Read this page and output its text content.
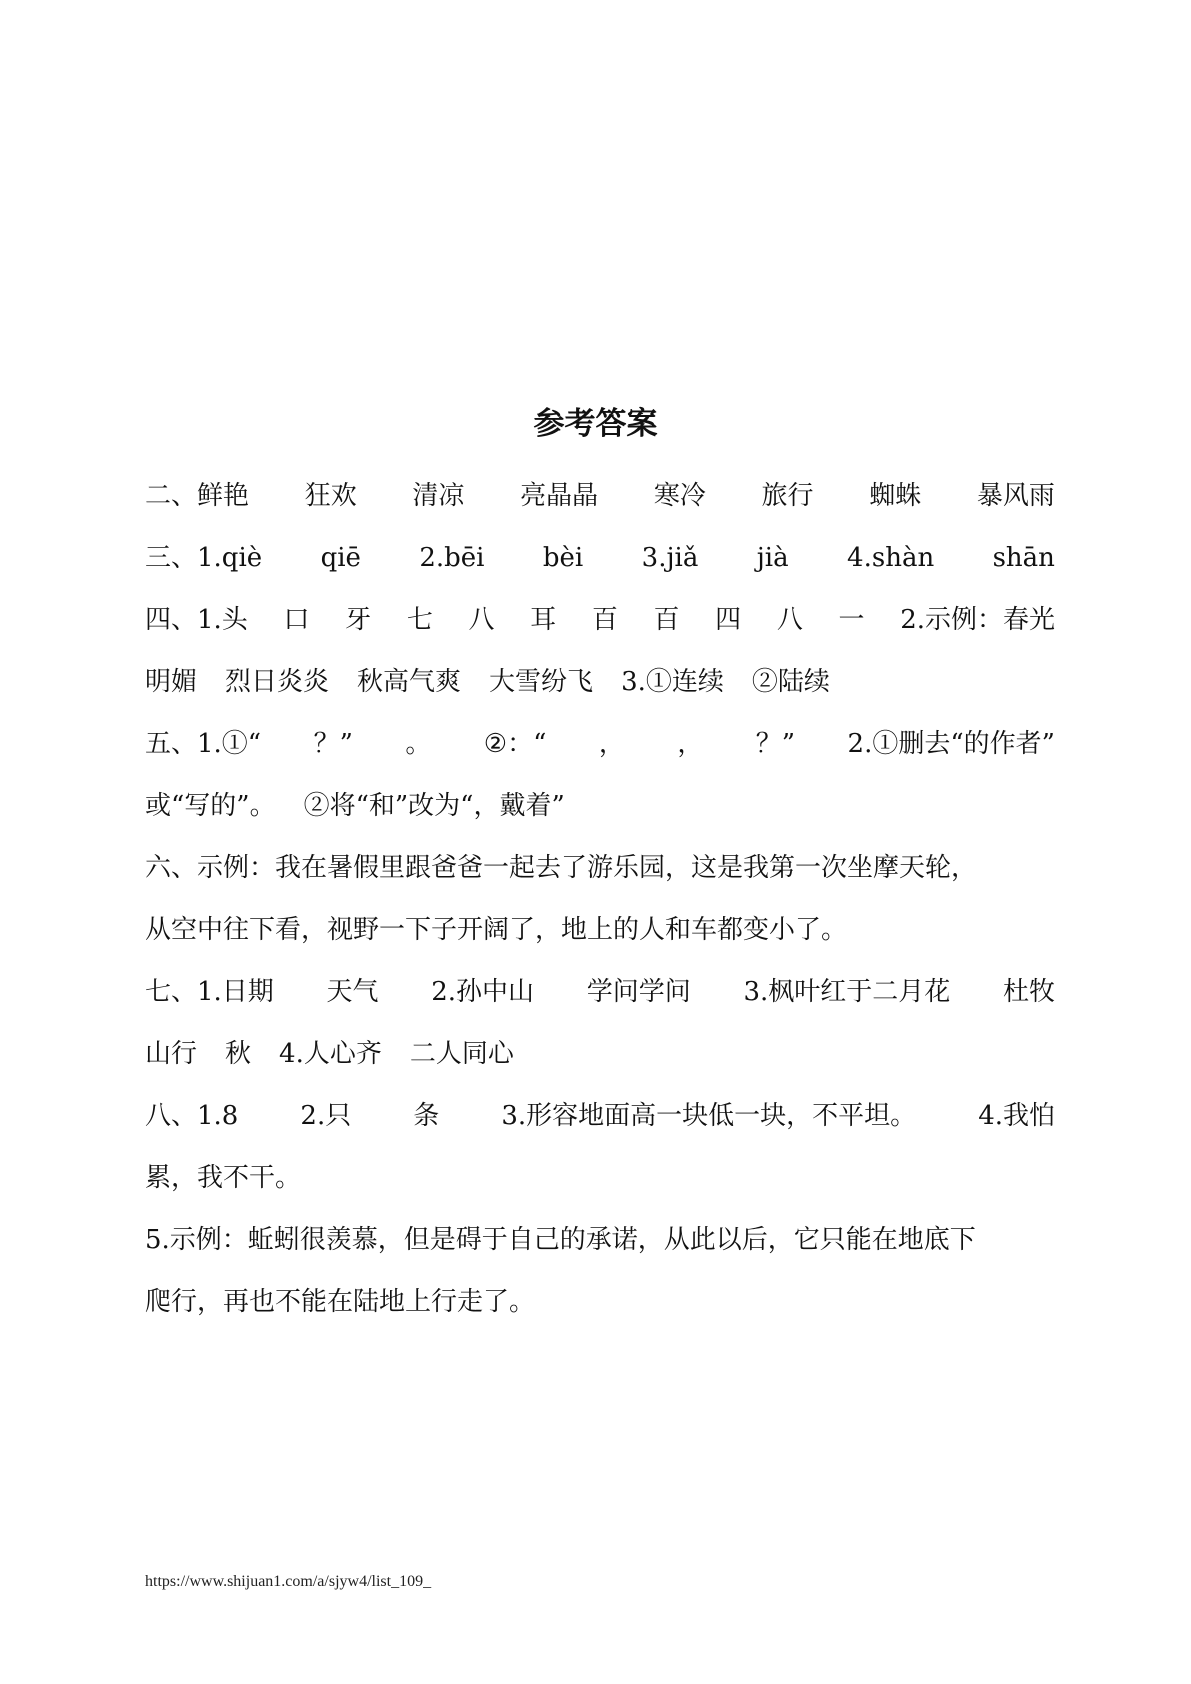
参考答案
二、鲜艳 狂欢 清凉 亮晶晶 寒冷 旅行 蜘蛛 暴风雨
三、1.qiè qiē 2.bēi bèi 3.jiǎ jià 4.shàn shān
四、1.头 口 牙 七 八 耳 百 百 四 八 一 2.示例：春光
明媚 烈日炎炎 秋高气爽 大雪纷飞 3.①连续 ②陆续
五、1.①“ ？” 。 ②：“ ， ， ？” 2.①删去“的作者”
或“写的”。 ②将“和”改为“，戴着”
六、示例：我在暑假里跟爸爸一起去了游乐园，这是我第一次坐摩天轮，
从空中往下看，视野一下子开阔了，地上的人和车都变小了。
七、1.日期 天气 2.孙中山 学问学问 3.枫叶红于二月花 杜牧
山行 秋 4.人心齐 二人同心
八、1.8 2.只 条 3.形容地面高一块低一块，不平坦。 4.我怕
累，我不干。
5.示例：蚯蚓很羡慕，但是碍于自己的承诺，从此以后，它只能在地底下
爬行，再也不能在陆地上行走了。
https://www.shijuan1.com/a/sjyw4/list_109_
